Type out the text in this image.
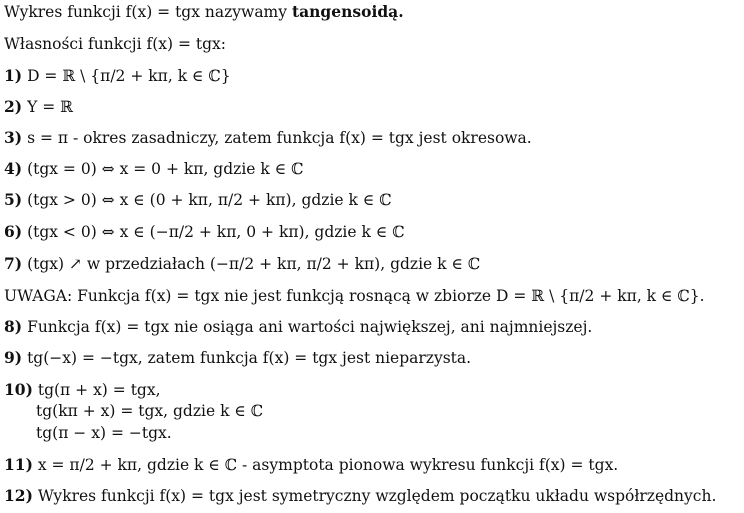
Wykres funkcji f(x) = tgx nazywamy tangensoidą.
Własności funkcji f(x) = tgx:
1) D = ℝ \ {π/2 + kπ, k ∈ ℂ}
2) Y = ℝ
3) s = π - okres zasadniczy, zatem funkcja f(x) = tgx jest okresowa.
4) (tgx = 0) ⇔ x = 0 + kπ, gdzie k ∈ ℂ
5) (tgx > 0) ⇔ x ∈ (0 + kπ, π/2 + kπ), gdzie k ∈ ℂ
6) (tgx < 0) ⇔ x ∈ (−π/2 + kπ, 0 + kπ), gdzie k ∈ ℂ
7) (tgx) ↗ w przedziałach (−π/2 + kπ, π/2 + kπ), gdzie k ∈ ℂ
UWAGA: Funkcja f(x) = tgx nie jest funkcją rosnącą w zbiorze D = ℝ \ {π/2 + kπ, k ∈ ℂ}.
8) Funkcja f(x) = tgx nie osiąga ani wartości największej, ani najmniejszej.
9) tg(−x) = −tgx, zatem funkcja f(x) = tgx jest nieparzysta.
10) tg(π + x) = tgx,
tg(kπ + x) = tgx, gdzie k ∈ ℂ
tg(π − x) = −tgx.
11) x = π/2 + kπ, gdzie k ∈ ℂ - asymptota pionowa wykresu funkcji f(x) = tgx.
12) Wykres funkcji f(x) = tgx jest symetryczny względem początku układu współrzędnych.
